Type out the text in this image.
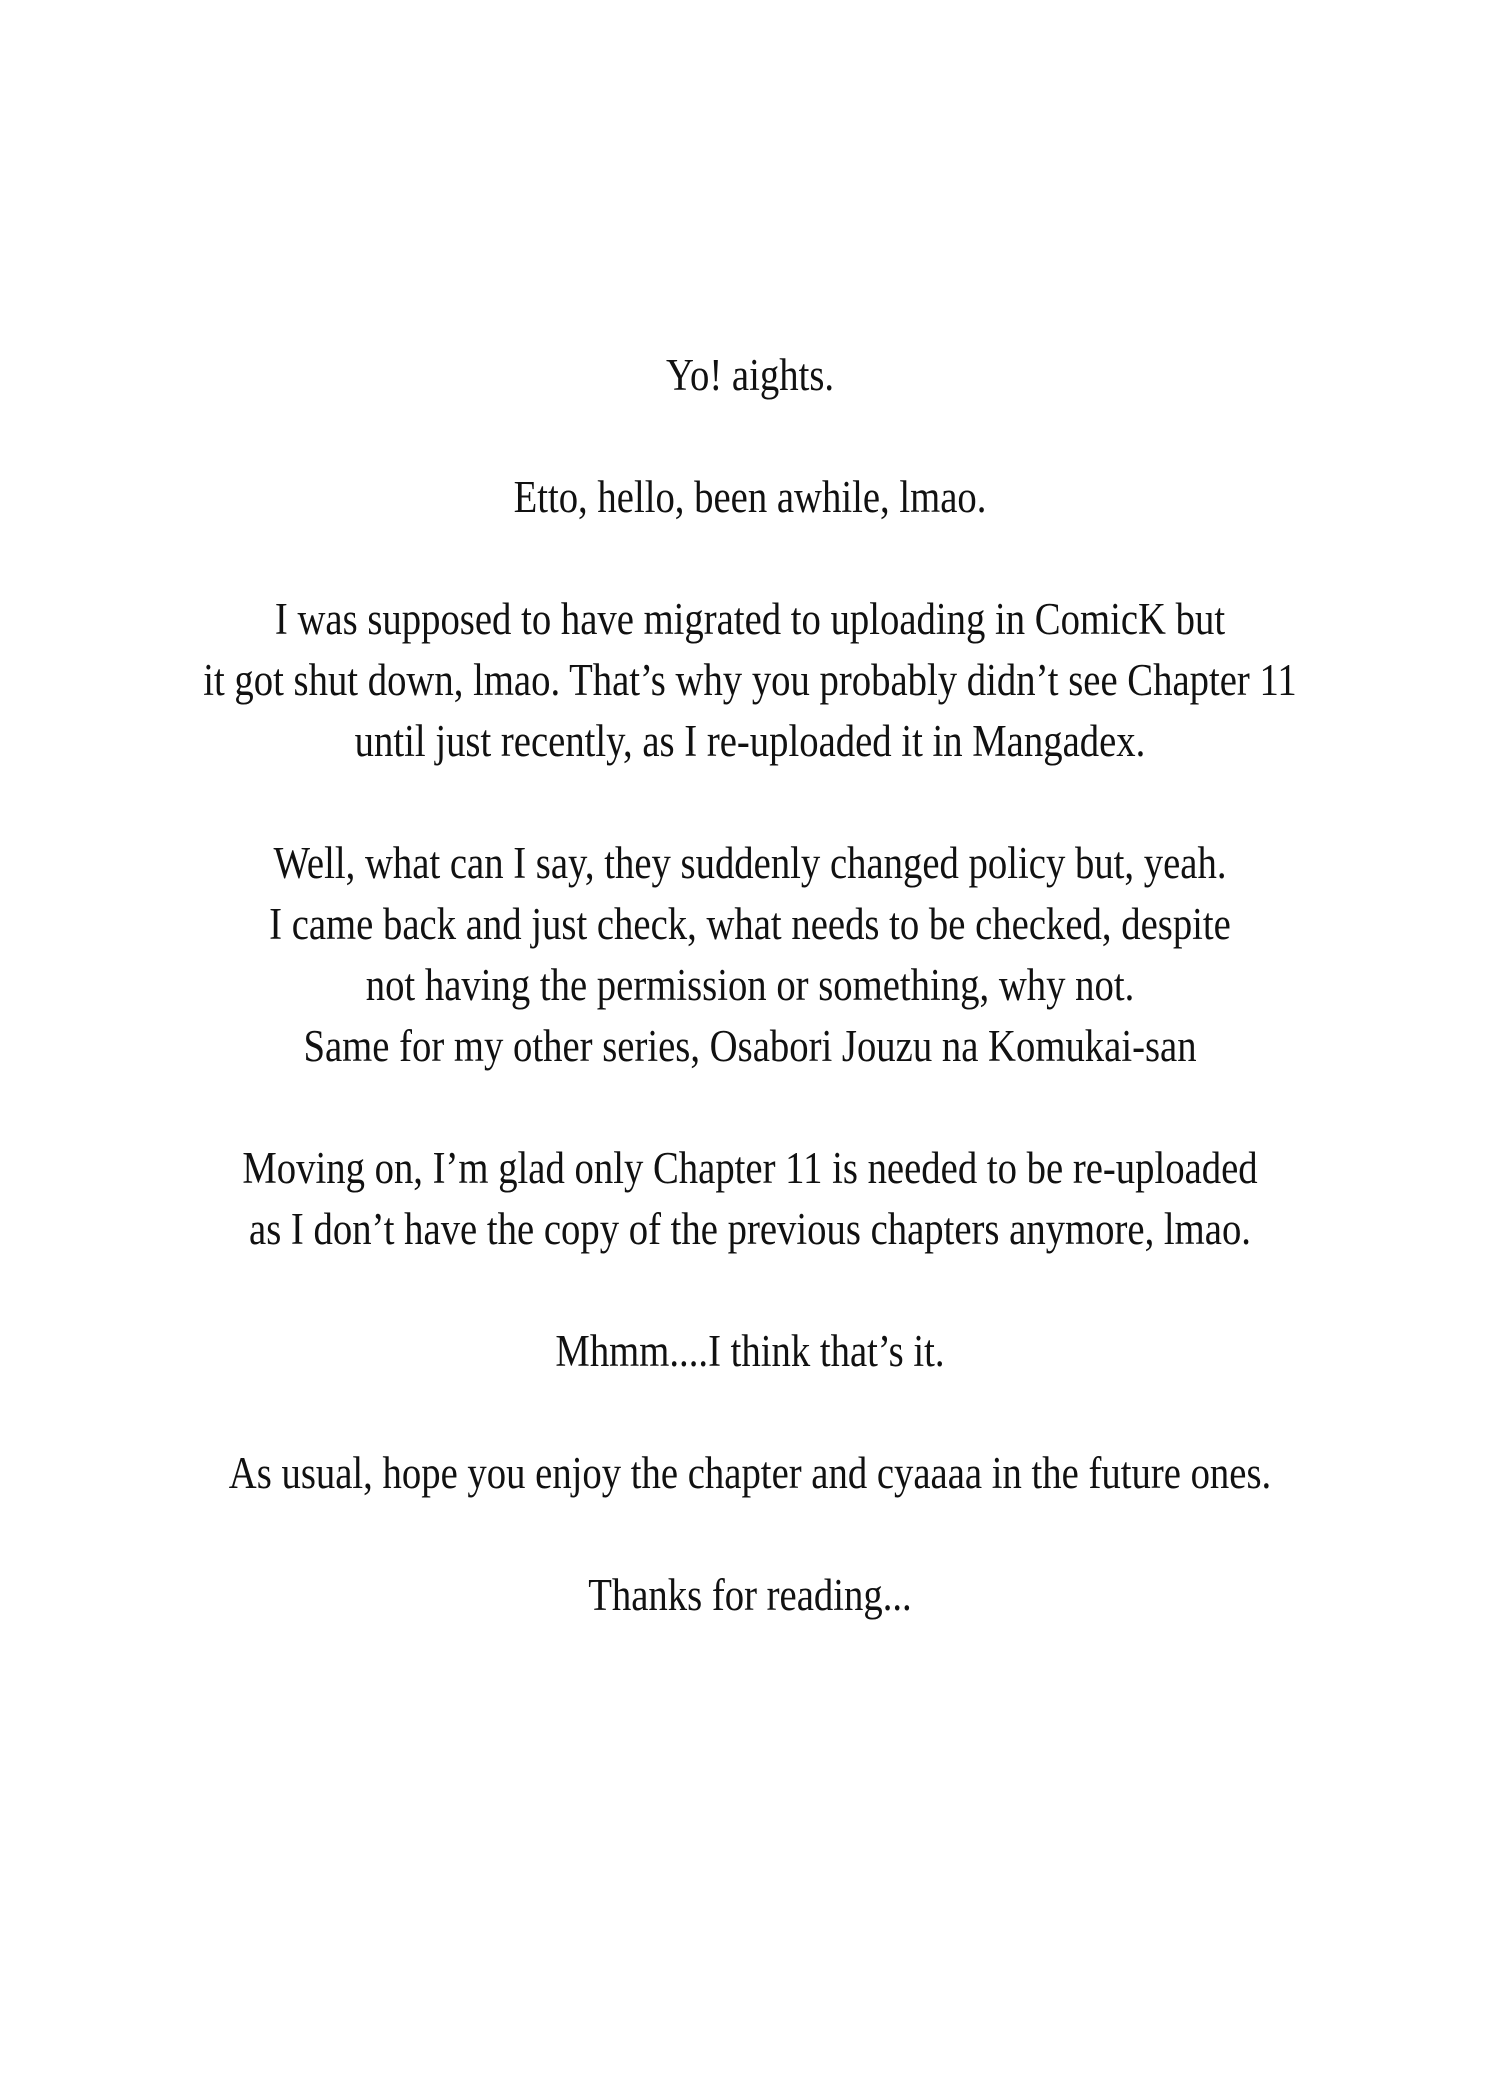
Yo! aights.

Etto, hello, been awhile, lmao.

I was supposed to have migrated to uploading in ComicK but
it got shut down, lmao. That’s why you probably didn’t see Chapter 11
until just recently, as I re-uploaded it in Mangadex.

Well, what can I say, they suddenly changed policy but, yeah.
I came back and just check, what needs to be checked, despite
not having the permission or something, why not.
Same for my other series, Osabori Jouzu na Komukai-san

Moving on, I’m glad only Chapter 11 is needed to be re-uploaded
as I don’t have the copy of the previous chapters anymore, lmao.

Mhmm....I think that’s it.

As usual, hope you enjoy the chapter and cyaaaa in the future ones.

Thanks for reading...
